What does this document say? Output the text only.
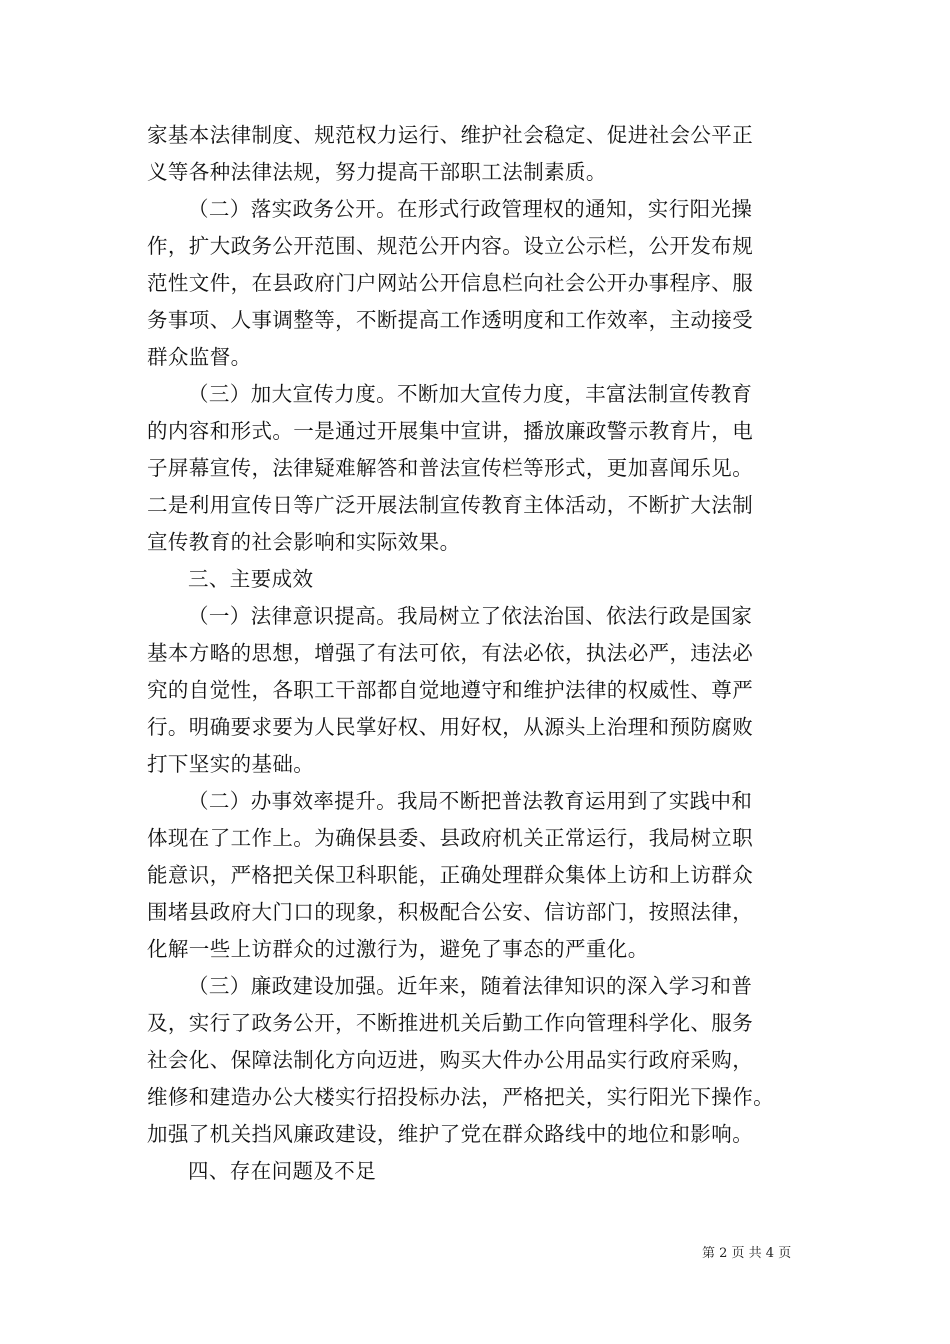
家基本法律制度、规范权力运行、维护社会稳定、促进社会公平正
义等各种法律法规，努力提高干部职工法制素质。
（二）落实政务公开。在形式行政管理权的通知，实行阳光操
作，扩大政务公开范围、规范公开内容。设立公示栏，公开发布规
范性文件，在县政府门户网站公开信息栏向社会公开办事程序、服
务事项、人事调整等，不断提高工作透明度和工作效率，主动接受
群众监督。
（三）加大宣传力度。不断加大宣传力度，丰富法制宣传教育
的内容和形式。一是通过开展集中宣讲，播放廉政警示教育片，电
子屏幕宣传，法律疑难解答和普法宣传栏等形式，更加喜闻乐见。
二是利用宣传日等广泛开展法制宣传教育主体活动，不断扩大法制
宣传教育的社会影响和实际效果。
三、主要成效
（一）法律意识提高。我局树立了依法治国、依法行政是国家
基本方略的思想，增强了有法可依，有法必依，执法必严，违法必
究的自觉性，各职工干部都自觉地遵守和维护法律的权威性、尊严
行。明确要求要为人民掌好权、用好权，从源头上治理和预防腐败
打下坚实的基础。
（二）办事效率提升。我局不断把普法教育运用到了实践中和
体现在了工作上。为确保县委、县政府机关正常运行，我局树立职
能意识，严格把关保卫科职能，正确处理群众集体上访和上访群众
围堵县政府大门口的现象，积极配合公安、信访部门，按照法律，
化解一些上访群众的过激行为，避免了事态的严重化。
（三）廉政建设加强。近年来，随着法律知识的深入学习和普
及，实行了政务公开，不断推进机关后勤工作向管理科学化、服务
社会化、保障法制化方向迈进，购买大件办公用品实行政府采购，
维修和建造办公大楼实行招投标办法，严格把关，实行阳光下操作。
加强了机关挡风廉政建设，维护了党在群众路线中的地位和影响。
四、存在问题及不足
第 2 页 共 4 页
